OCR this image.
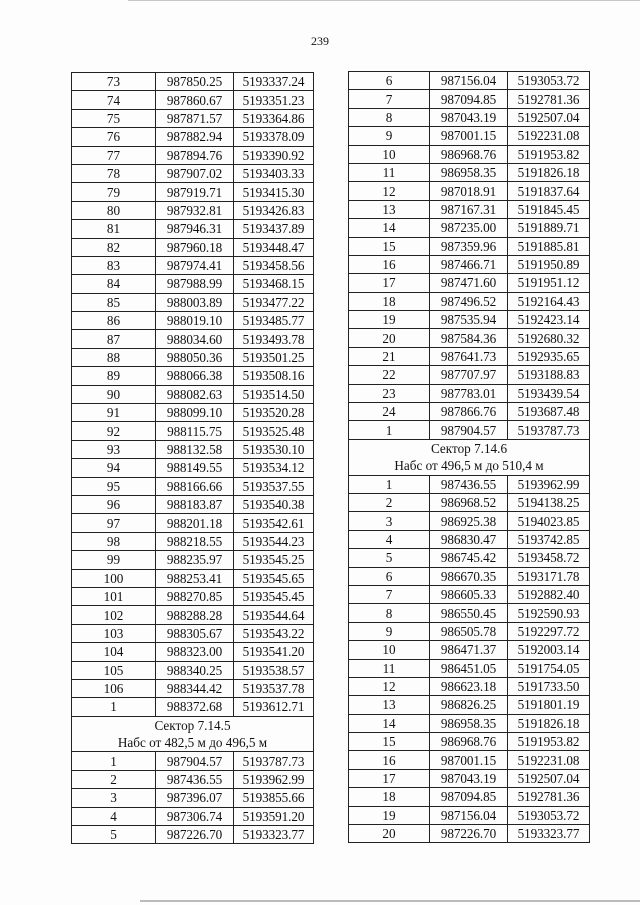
239
73	987850.25	5193337.24
74	987860.67	5193351.23
75	987871.57	5193364.86
76	987882.94	5193378.09
77	987894.76	5193390.92
78	987907.02	5193403.33
79	987919.71	5193415.30
80	987932.81	5193426.83
81	987946.31	5193437.89
82	987960.18	5193448.47
83	987974.41	5193458.56
84	987988.99	5193468.15
85	988003.89	5193477.22
86	988019.10	5193485.77
87	988034.60	5193493.78
88	988050.36	5193501.25
89	988066.38	5193508.16
90	988082.63	5193514.50
91	988099.10	5193520.28
92	988115.75	5193525.48
93	988132.58	5193530.10
94	988149.55	5193534.12
95	988166.66	5193537.55
96	988183.87	5193540.38
97	988201.18	5193542.61
98	988218.55	5193544.23
99	988235.97	5193545.25
100	988253.41	5193545.65
101	988270.85	5193545.45
102	988288.28	5193544.64
103	988305.67	5193543.22
104	988323.00	5193541.20
105	988340.25	5193538.57
106	988344.42	5193537.78
1	988372.68	5193612.71
Сектор 7.14.5		
Набс от 482,5 м до 496,5 м		
1	987904.57	5193787.73
2	987436.55	5193962.99
3	987396.07	5193855.66
4	987306.74	5193591.20
5	987226.70	5193323.77
6	987156.04	5193053.72
7	987094.85	5192781.36
8	987043.19	5192507.04
9	987001.15	5192231.08
10	986968.76	5191953.82
11	986958.35	5191826.18
12	987018.91	5191837.64
13	987167.31	5191845.45
14	987235.00	5191889.71
15	987359.96	5191885.81
16	987466.71	5191950.89
17	987471.60	5191951.12
18	987496.52	5192164.43
19	987535.94	5192423.14
20	987584.36	5192680.32
21	987641.73	5192935.65
22	987707.97	5193188.83
23	987783.01	5193439.54
24	987866.76	5193687.48
1	987904.57	5193787.73
Сектор 7.14.6		
Набс от 496,5 м до 510,4 м		
1	987436.55	5193962.99
2	986968.52	5194138.25
3	986925.38	5194023.85
4	986830.47	5193742.85
5	986745.42	5193458.72
6	986670.35	5193171.78
7	986605.33	5192882.40
8	986550.45	5192590.93
9	986505.78	5192297.72
10	986471.37	5192003.14
11	986451.05	5191754.05
12	986623.18	5191733.50
13	986826.25	5191801.19
14	986958.35	5191826.18
15	986968.76	5191953.82
16	987001.15	5192231.08
17	987043.19	5192507.04
18	987094.85	5192781.36
19	987156.04	5193053.72
20	987226.70	5193323.77
